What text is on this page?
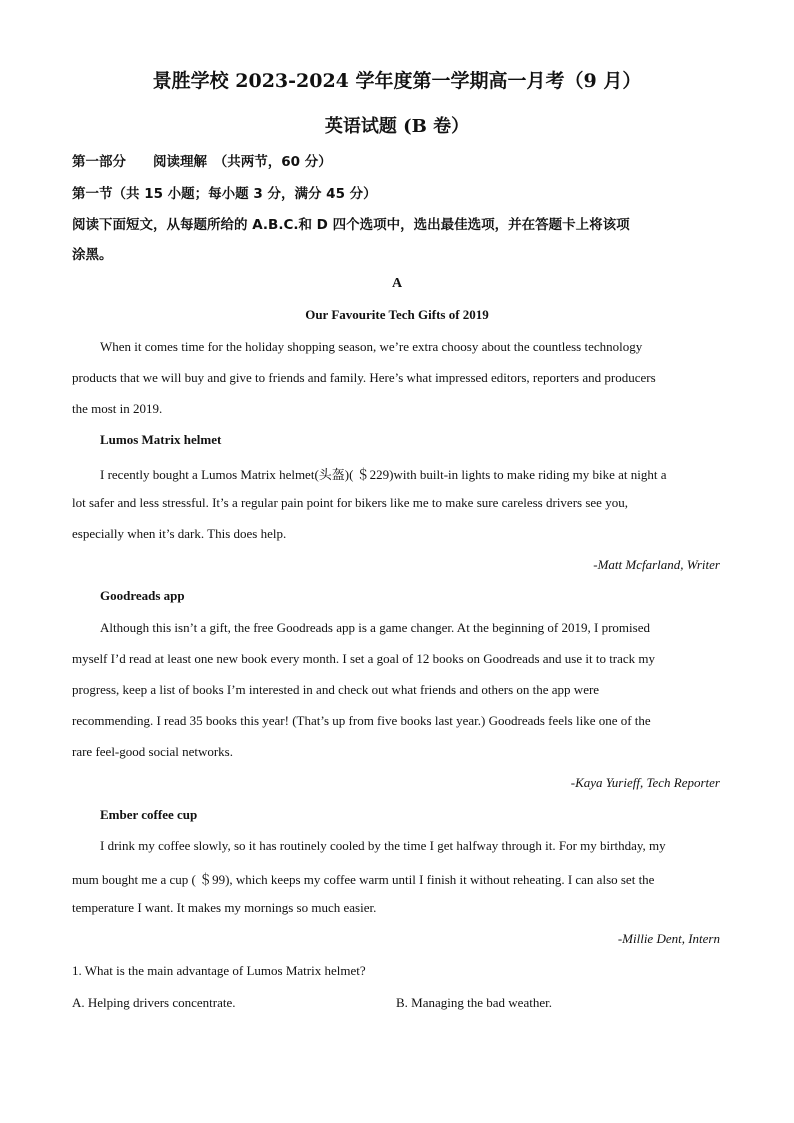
景胜学校 2023-2024 学年度第一学期高一月考（9 月）
英语试题 (B 卷）
第一部分　　阅读理解　（共两节，60 分）
第一节（共 15 小题；每小题 3 分，满分 45 分）
阅读下面短文，从每题所给的 A.B.C.和 D 四个选项中，选出最佳选项，并在答题卡上将该项
涂黑。
A
Our Favourite Tech Gifts of 2019
When it comes time for the holiday shopping season, we’re extra choosy about the countless technology
products that we will buy and give to friends and family. Here’s what impressed editors, reporters and producers
the most in 2019.
Lumos Matrix helmet
I recently bought a Lumos Matrix helmet(头盔)( ＄229)with built-in lights to make riding my bike at night a
lot safer and less stressful. It’s a regular pain point for bikers like me to make sure careless drivers see you,
especially when it’s dark. This does help.
-Matt Mcfarland, Writer
Goodreads app
Although this isn’t a gift, the free Goodreads app is a game changer. At the beginning of 2019, I promised
myself I’d read at least one new book every month. I set a goal of 12 books on Goodreads and use it to track my
progress, keep a list of books I’m interested in and check out what friends and others on the app were
recommending. I read 35 books this year! (That’s up from five books last year.) Goodreads feels like one of the
rare feel-good social networks.
-Kaya Yurieff, Tech Reporter
Ember coffee cup
I drink my coffee slowly, so it has routinely cooled by the time I get halfway through it. For my birthday, my
mum bought me a cup ( ＄99), which keeps my coffee warm until I finish it without reheating. I can also set the
temperature I want. It makes my mornings so much easier.
-Millie Dent, Intern
1. What is the main advantage of Lumos Matrix helmet?
A. Helping drivers concentrate.	B. Managing the bad weather.
